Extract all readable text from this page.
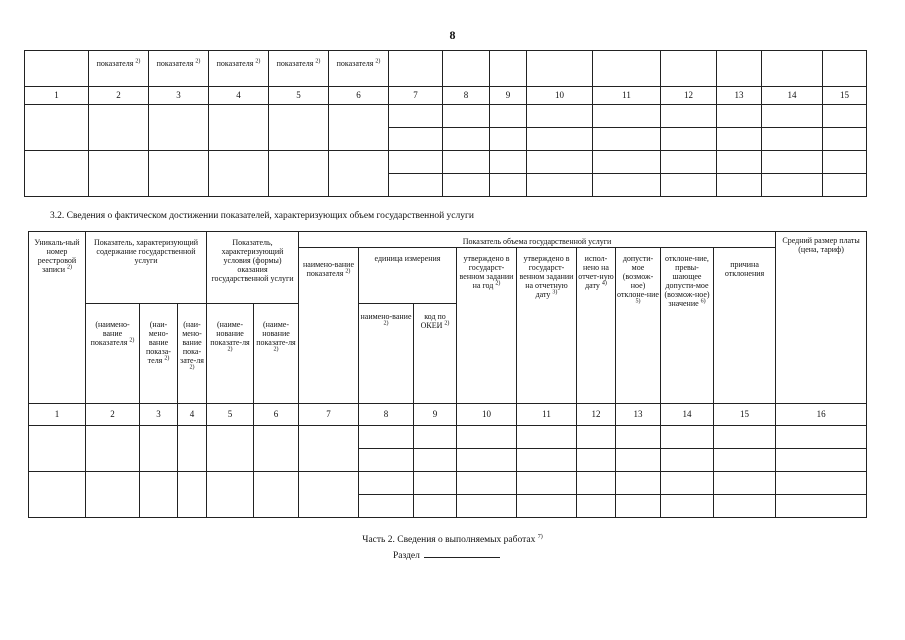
8

	показателя $^{2)}$	показателя $^{2)}$	показателя $^{2)}$	показателя $^{2)}$	показателя $^{2)}$

1	2	3	4	5	6	7	8	9	10	11	12	13	14	15

3.2. Сведения о фактическом достижении показателей, характеризующих объем государственной услуги
Уникаль-ный номер реестровой записи $^{2)}$	Показатель, характеризующий содержание государственной услуги			Показатель, характеризующий условия (формы) оказания государственной услуги		Показатель объема государственной услуги									Средний размер платы (цена, тариф)
						наимено-вание показателя $^{2)}$	единица измерения		утверждено в государст-венном задании на год $^{2)}$	утверждено в государст-венном задании на отчетную дату $^{3)}$	испол-нено на отчет-ную дату $^{4)}$	допусти-мое (возмож-ное) отклоне-ние $^{5)}$	отклоне-ние, превы-шающее допусти-мое (возмож-ное) значение $^{6)}$	причина отклонения	
	(наимено-вание показателя $^{2)}$	(наи-мено-вание показа-теля $^{2)}$	(наи-мено-вание пока-зате-ля $^{2)}$	(наиме-нование показате-ля $^{2)}$	(наиме-нование показате-ля $^{2)}$		наимено-вание $^{2)}$	код по ОКЕИ $^{2)}$
1	2	3	4	5	6	7	8	9	10	11	12	13	14	15	16

Часть 2. Сведения о выполняемых работах $^{7)}$
Раздел
